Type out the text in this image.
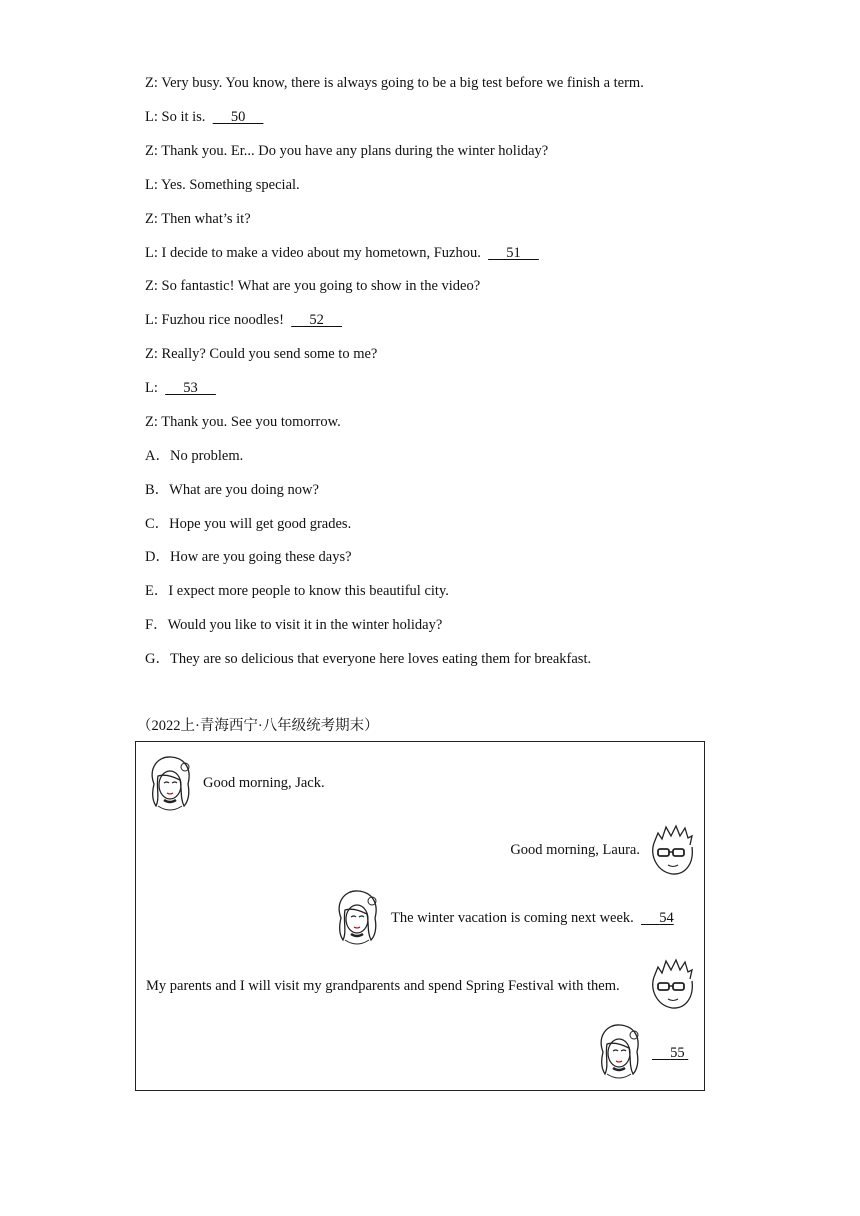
Z: Very busy. You know, there is always going to be a big test before we finish a term.
L: So it is.       50
Z: Thank you. Er... Do you have any plans during the winter holiday?
L: Yes. Something special.
Z: Then what’s it?
L: I decide to make a video about my hometown, Fuzhou.       51
Z: So fantastic! What are you going to show in the video?
L: Fuzhou rice noodles!       52
Z: Really? Could you send some to me?
L:       53
Z: Thank you. See you tomorrow.
A．No problem.
B．What are you doing now?
C．Hope you will get good grades.
D．How are you going these days?
E．I expect more people to know this beautiful city.
F．Would you like to visit it in the winter holiday?
G．They are so delicious that everyone here loves eating them for breakfast.
（2022上·青海西宁·八年级统考期末）
Good morning, Jack.
Good morning, Laura.
The winter vacation is coming next week. 54
My parents and I will visit my grandparents and spend Spring Festival with them.
55
